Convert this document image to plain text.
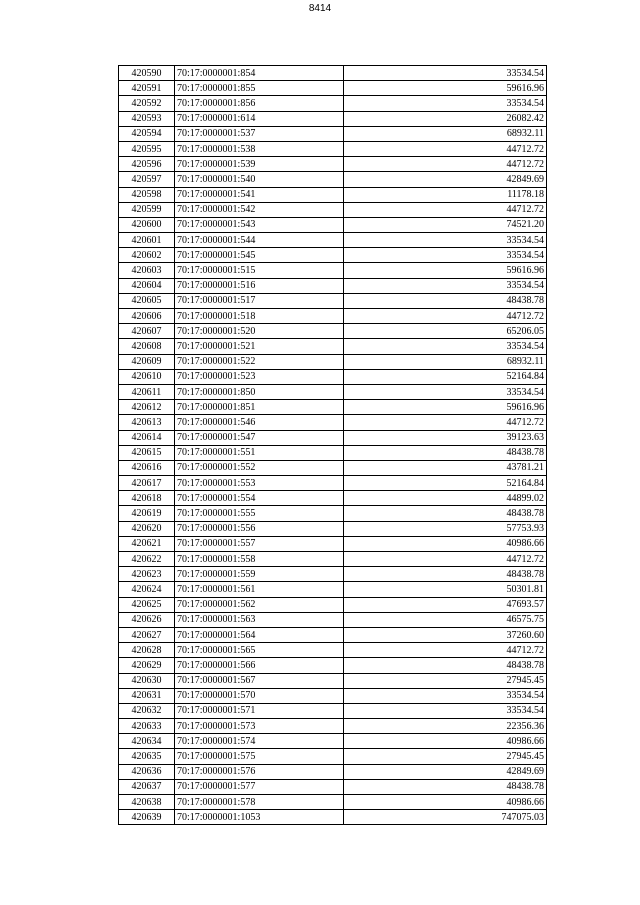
8414
420590	70:17:0000001:854	33534.54
420591	70:17:0000001:855	59616.96
420592	70:17:0000001:856	33534.54
420593	70:17:0000001:614	26082.42
420594	70:17:0000001:537	68932.11
420595	70:17:0000001:538	44712.72
420596	70:17:0000001:539	44712.72
420597	70:17:0000001:540	42849.69
420598	70:17:0000001:541	11178.18
420599	70:17:0000001:542	44712.72
420600	70:17:0000001:543	74521.20
420601	70:17:0000001:544	33534.54
420602	70:17:0000001:545	33534.54
420603	70:17:0000001:515	59616.96
420604	70:17:0000001:516	33534.54
420605	70:17:0000001:517	48438.78
420606	70:17:0000001:518	44712.72
420607	70:17:0000001:520	65206.05
420608	70:17:0000001:521	33534.54
420609	70:17:0000001:522	68932.11
420610	70:17:0000001:523	52164.84
420611	70:17:0000001:850	33534.54
420612	70:17:0000001:851	59616.96
420613	70:17:0000001:546	44712.72
420614	70:17:0000001:547	39123.63
420615	70:17:0000001:551	48438.78
420616	70:17:0000001:552	43781.21
420617	70:17:0000001:553	52164.84
420618	70:17:0000001:554	44899.02
420619	70:17:0000001:555	48438.78
420620	70:17:0000001:556	57753.93
420621	70:17:0000001:557	40986.66
420622	70:17:0000001:558	44712.72
420623	70:17:0000001:559	48438.78
420624	70:17:0000001:561	50301.81
420625	70:17:0000001:562	47693.57
420626	70:17:0000001:563	46575.75
420627	70:17:0000001:564	37260.60
420628	70:17:0000001:565	44712.72
420629	70:17:0000001:566	48438.78
420630	70:17:0000001:567	27945.45
420631	70:17:0000001:570	33534.54
420632	70:17:0000001:571	33534.54
420633	70:17:0000001:573	22356.36
420634	70:17:0000001:574	40986.66
420635	70:17:0000001:575	27945.45
420636	70:17:0000001:576	42849.69
420637	70:17:0000001:577	48438.78
420638	70:17:0000001:578	40986.66
420639	70:17:0000001:1053	747075.03
